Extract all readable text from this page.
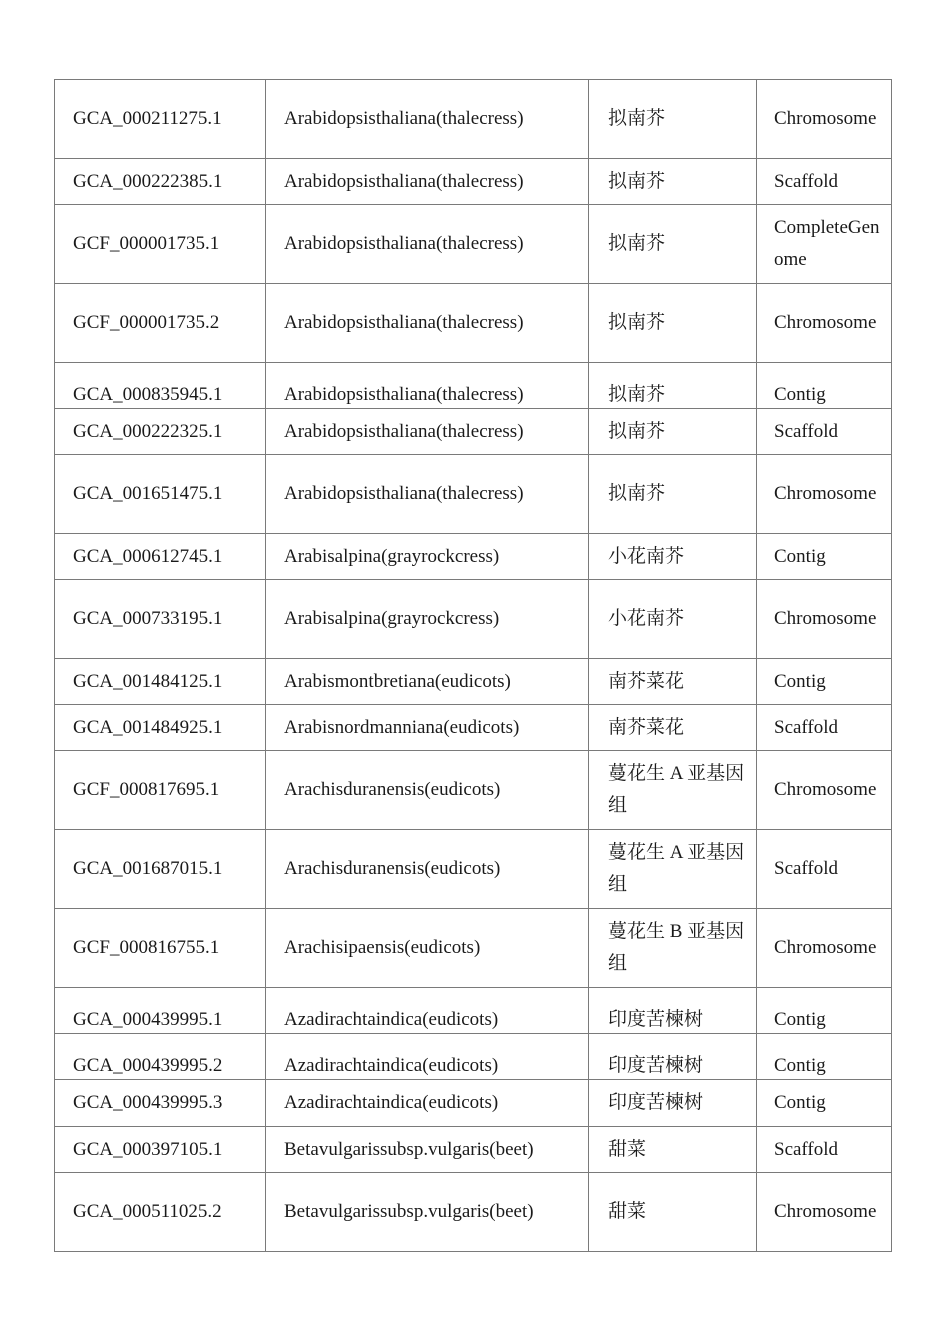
GCA_000211275.1	Arabidopsisthaliana(thalecress)	拟南芥	Chromosome
GCA_000222385.1	Arabidopsisthaliana(thalecress)	拟南芥	Scaffold
GCF_000001735.1	Arabidopsisthaliana(thalecress)	拟南芥	CompleteGenome
GCF_000001735.2	Arabidopsisthaliana(thalecress)	拟南芥	Chromosome
GCA_000835945.1	Arabidopsisthaliana(thalecress)	拟南芥	Contig
GCA_000222325.1	Arabidopsisthaliana(thalecress)	拟南芥	Scaffold
GCA_001651475.1	Arabidopsisthaliana(thalecress)	拟南芥	Chromosome
GCA_000612745.1	Arabisalpina(grayrockcress)	小花南芥	Contig
GCA_000733195.1	Arabisalpina(grayrockcress)	小花南芥	Chromosome
GCA_001484125.1	Arabismontbretiana(eudicots)	南芥菜花	Contig
GCA_001484925.1	Arabisnordmanniana(eudicots)	南芥菜花	Scaffold
GCF_000817695.1	Arachisduranensis(eudicots)	蔓花生 A 亚基因组	Chromosome
GCA_001687015.1	Arachisduranensis(eudicots)	蔓花生 A 亚基因组	Scaffold
GCF_000816755.1	Arachisipaensis(eudicots)	蔓花生 B 亚基因组	Chromosome
GCA_000439995.1	Azadirachtaindica(eudicots)	印度苦楝树	Contig
GCA_000439995.2	Azadirachtaindica(eudicots)	印度苦楝树	Contig
GCA_000439995.3	Azadirachtaindica(eudicots)	印度苦楝树	Contig
GCA_000397105.1	Betavulgarissubsp.vulgaris(beet)	甜菜	Scaffold
GCA_000511025.2	Betavulgarissubsp.vulgaris(beet)	甜菜	Chromosome
